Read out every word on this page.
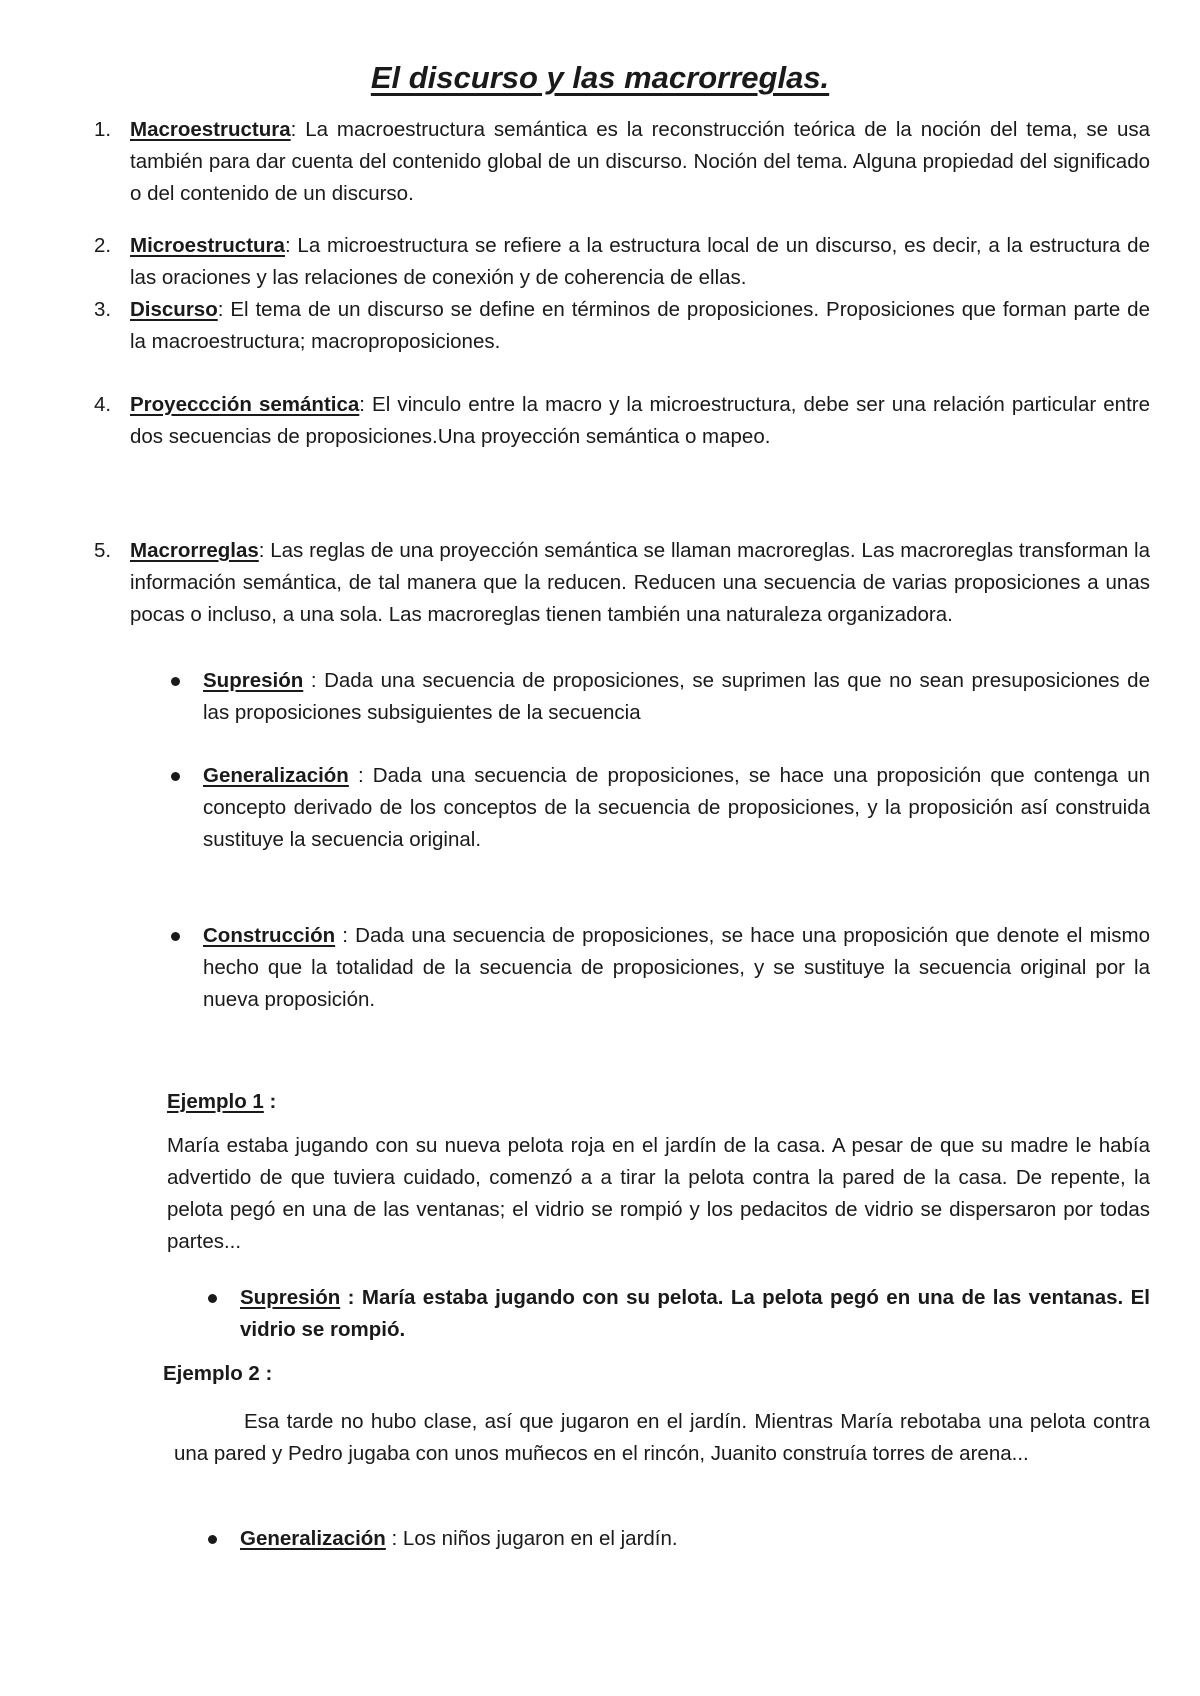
El discurso y las macrorreglas.
1. Macroestructura: La macroestructura semántica es la reconstrucción teórica de la noción del tema, se usa también para dar cuenta del contenido global de un discurso. Noción del tema. Alguna propiedad del significado o del contenido de un discurso.
2. Microestructura: La microestructura se refiere a la estructura local de un discurso, es decir, a la estructura de las oraciones y las relaciones de conexión y de coherencia de ellas.
3. Discurso: El tema de un discurso se define en términos de proposiciones. Proposiciones que forman parte de la macroestructura; macroproposiciones.
4. Proyeccción semántica: El vinculo entre la macro y la microestructura, debe ser una relación particular entre dos secuencias de proposiciones.Una proyección semántica o mapeo.
5. Macrorreglas: Las reglas de una proyección semántica se llaman macroreglas. Las macroreglas transforman la información semántica, de tal manera que la reducen. Reducen una secuencia de varias proposiciones a unas pocas o incluso, a una sola. Las macroreglas tienen también una naturaleza organizadora.
Supresión : Dada una secuencia de proposiciones, se suprimen las que no sean presuposiciones de las proposiciones subsiguientes de la secuencia
Generalización : Dada una secuencia de proposiciones, se hace una proposición que contenga un concepto derivado de los conceptos de la secuencia de proposiciones, y la proposición así construida sustituye la secuencia original.
Construcción : Dada una secuencia de proposiciones, se hace una proposición que denote el mismo hecho que la totalidad de la secuencia de proposiciones, y se sustituye la secuencia original por la nueva proposición.
Ejemplo 1 :
María estaba jugando con su nueva pelota roja en el jardín de la casa. A pesar de que su madre le había advertido de que tuviera cuidado, comenzó a a tirar la pelota contra la pared de la casa. De repente, la pelota pegó en una de las ventanas; el vidrio se rompió y los pedacitos de vidrio se dispersaron por todas partes...
Supresión : María estaba jugando con su pelota. La pelota pegó en una de las ventanas. El vidrio se rompió.
Ejemplo 2 :
Esa tarde no hubo clase, así que jugaron en el jardín. Mientras María rebotaba una pelota contra una pared y Pedro jugaba con unos muñecos en el rincón, Juanito construía torres de arena...
Generalización : Los niños jugaron en el jardín.
